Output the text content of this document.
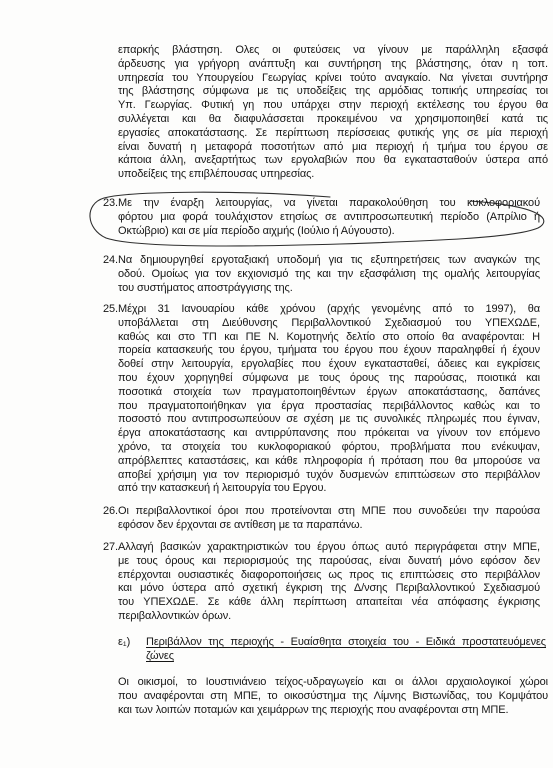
επαρκής βλάστηση. Ολες οι φυτεύσεις να γίνουν με παράλληλη εξασφά
άρδευσης για γρήγορη ανάπτυξη και συντήρηση της βλάστησης, όταν η τοπ.
υπηρεσία του Υπουργείου Γεωργίας κρίνει τούτο αναγκαίο. Να γίνεται συντήρησ
της βλάστησης σύμφωνα με τις υποδείξεις της αρμόδιας τοπικής υπηρεσίας τοι
Υπ. Γεωργίας. Φυτική γη που υπάρχει στην περιοχή εκτέλεσης του έργου θα
συλλέγεται και θα διαφυλάσσεται προκειμένου να χρησιμοποιηθεί κατά τις
εργασίες αποκατάστασης. Σε περίπτωση περίσσειας φυτικής γης σε μία περιοχή
είναι δυνατή η μεταφορά ποσοτήτων από μια περιοχή ή τμήμα του έργου σε
κάποια άλλη, ανεξαρτήτως των εργολαβιών που θα εγκατασταθούν ύστερα από
υποδείξεις της επιβλέπουσας υπηρεσίας.
23.Με την έναρξη λειτουργίας, να γίνεται παρακολούθηση του κυκλοφοριακού
φόρτου μια φορά τουλάχιστον ετησίως σε αντιπροσωπευτική περίοδο (Απρίλιο ή
Οκτώβριο) και σε μία περίοδο αιχμής (Ιούλιο ή Αύγουστο).
24.Να δημιουργηθεί εργοταξιακή υποδομή για τις εξυπηρετήσεις των αναγκών της
οδού. Ομοίως για τον εκχιονισμό της και την εξασφάλιση της ομαλής λειτουργίας
του συστήματος αποστράγγισης της.
25.Μέχρι 31 Ιανουαρίου κάθε χρόνου (αρχής γενομένης από το 1997), θα
υποβάλλεται στη Διεύθυνσης Περιβαλλοντικού Σχεδιασμού του ΥΠΕΧΩΔΕ,
καθώς και στο ΤΠ και ΠΕ Ν. Κομοτηνής δελτίο στο οποίο θα αναφέρονται: Η
πορεία κατασκευής του έργου, τμήματα του έργου που έχουν παραληφθεί ή έχουν
δοθεί στην λειτουργία, εργολαβίες που έχουν εγκατασταθεί, άδειες και εγκρίσεις
που έχουν χορηγηθεί σύμφωνα με τους όρους της παρούσας, ποιοτικά και
ποσοτικά στοιχεία των πραγματοποιηθέντων έργων αποκατάστασης, δαπάνες
που πραγματοποιήθηκαν για έργα προστασίας περιβάλλοντος καθώς και το
ποσοστό που αντιπροσωπεύουν σε σχέση με τις συνολικές πληρωμές που έγιναν,
έργα αποκατάστασης και αντιρρύπανσης που πρόκειται να γίνουν τον επόμενο
χρόνο, τα στοιχεία του κυκλοφοριακού φόρτου, προβλήματα που ενέκυψαν,
απρόβλεπτες καταστάσεις, και κάθε πληροφορία ή πρόταση που θα μπορούσε να
αποβεί χρήσιμη για τον περιορισμό τυχόν δυσμενών επιπτώσεων στο περιβάλλον
από την κατασκευή ή λειτουργία του Εργου.
26.Οι περιβαλλοντικοί όροι που προτείνονται στη ΜΠΕ που συνοδεύει την παρούσα
εφόσον δεν έρχονται σε αντίθεση με τα παραπάνω.
27.Αλλαγή βασικών χαρακτηριστικών του έργου όπως αυτό περιγράφεται στην ΜΠΕ,
με τους όρους και περιορισμούς της παρούσας, είναι δυνατή μόνο εφόσον δεν
επέρχονται ουσιαστικές διαφοροποιήσεις ως προς τις επιπτώσεις στο περιβάλλον
και μόνο ύστερα από σχετική έγκριση της Δ/νσης Περιβαλλοντικού Σχεδιασμού
του ΥΠΕΧΩΔΕ. Σε κάθε άλλη περίπτωση απαιτείται νέα απόφασης έγκρισης
περιβαλλοντικών όρων.
ε₁) Περιβάλλον της περιοχής - Ευαίσθητα στοιχεία του - Ειδικά προστατευόμενες
ζώνες
Οι οικισμοί, το Ιουστινιάνειο τείχος-υδραγωγείο και οι άλλοι αρχαιολογικοί χώροι
που αναφέρονται στη ΜΠΕ, το οικοσύστημα της Λίμνης Βιστωνίδας, του Κομψάτου
και των λοιπών ποταμών και χειμάρρων της περιοχής που αναφέρονται στη ΜΠΕ.
